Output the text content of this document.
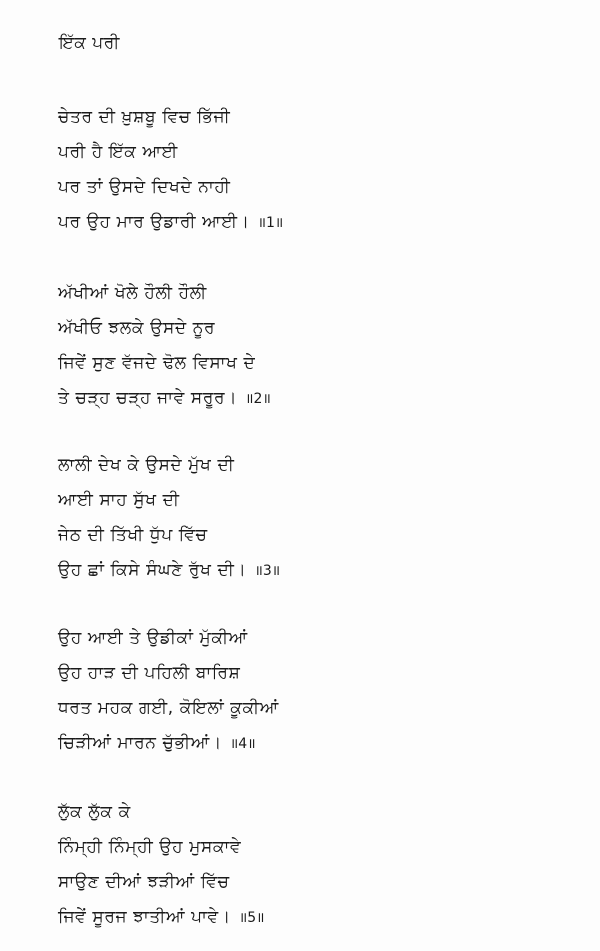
ਇੱਕ ਪਰੀ
ਚੇਤਰ ਦੀ ਖ਼ੁਸ਼ਬੂ ਵਿਚ ਭਿੱਜੀ
ਪਰੀ ਹੈ ਇੱਕ ਆਈ
ਪਰ ਤਾਂ ਉਸਦੇ ਦਿਖਦੇ ਨਾਹੀ
ਪਰ ਉਹ ਮਾਰ ਉਡਾਰੀ ਆਈ। ॥1॥
ਅੱਖੀਆਂ ਖੋਲੇ ਹੌਲੀ ਹੌਲੀ
ਅੱਖੀਓ ਝਲਕੇ ਉਸਦੇ ਨੂਰ
ਜਿਵੇਂ ਸੁਣ ਵੱਜਦੇ ਢੋਲ ਵਿਸਾਖ ਦੇ
ਤੇ ਚੜ੍ਹ ਚੜ੍ਹ ਜਾਵੇ ਸਰੂਰ। ॥2॥
ਲਾਲੀ ਦੇਖ ਕੇ ਉਸਦੇ ਮੁੱਖ ਦੀ
ਆਈ ਸਾਹ ਸੁੱਖ ਦੀ
ਜੇਠ ਦੀ ਤਿੱਖੀ ਧੁੱਪ ਵਿੱਚ
ਉਹ ਛਾਂ ਕਿਸੇ ਸੰਘਣੇ ਰੁੱਖ ਦੀ। ॥3॥
ਉਹ ਆਈ ਤੇ ਉਡੀਕਾਂ ਮੁੱਕੀਆਂ
ਉਹ ਹਾੜ ਦੀ ਪਹਿਲੀ ਬਾਰਿਸ਼
ਧਰਤ ਮਹਕ ਗਈ, ਕੋਇਲਾਂ ਕੂਕੀਆਂ
ਚਿੜੀਆਂ ਮਾਰਨ ਚੁੱਭੀਆਂ। ॥4॥
ਲੁੱਕ ਲੁੱਕ ਕੇ
ਨਿੰਮ੍ਹੀ ਨਿੰਮ੍ਹੀ ਉਹ ਮੁਸਕਾਵੇ
ਸਾਉਣ ਦੀਆਂ ਝੜੀਆਂ ਵਿੱਚ
ਜਿਵੇਂ ਸੂਰਜ ਝਾਤੀਆਂ ਪਾਵੇ। ॥5॥
